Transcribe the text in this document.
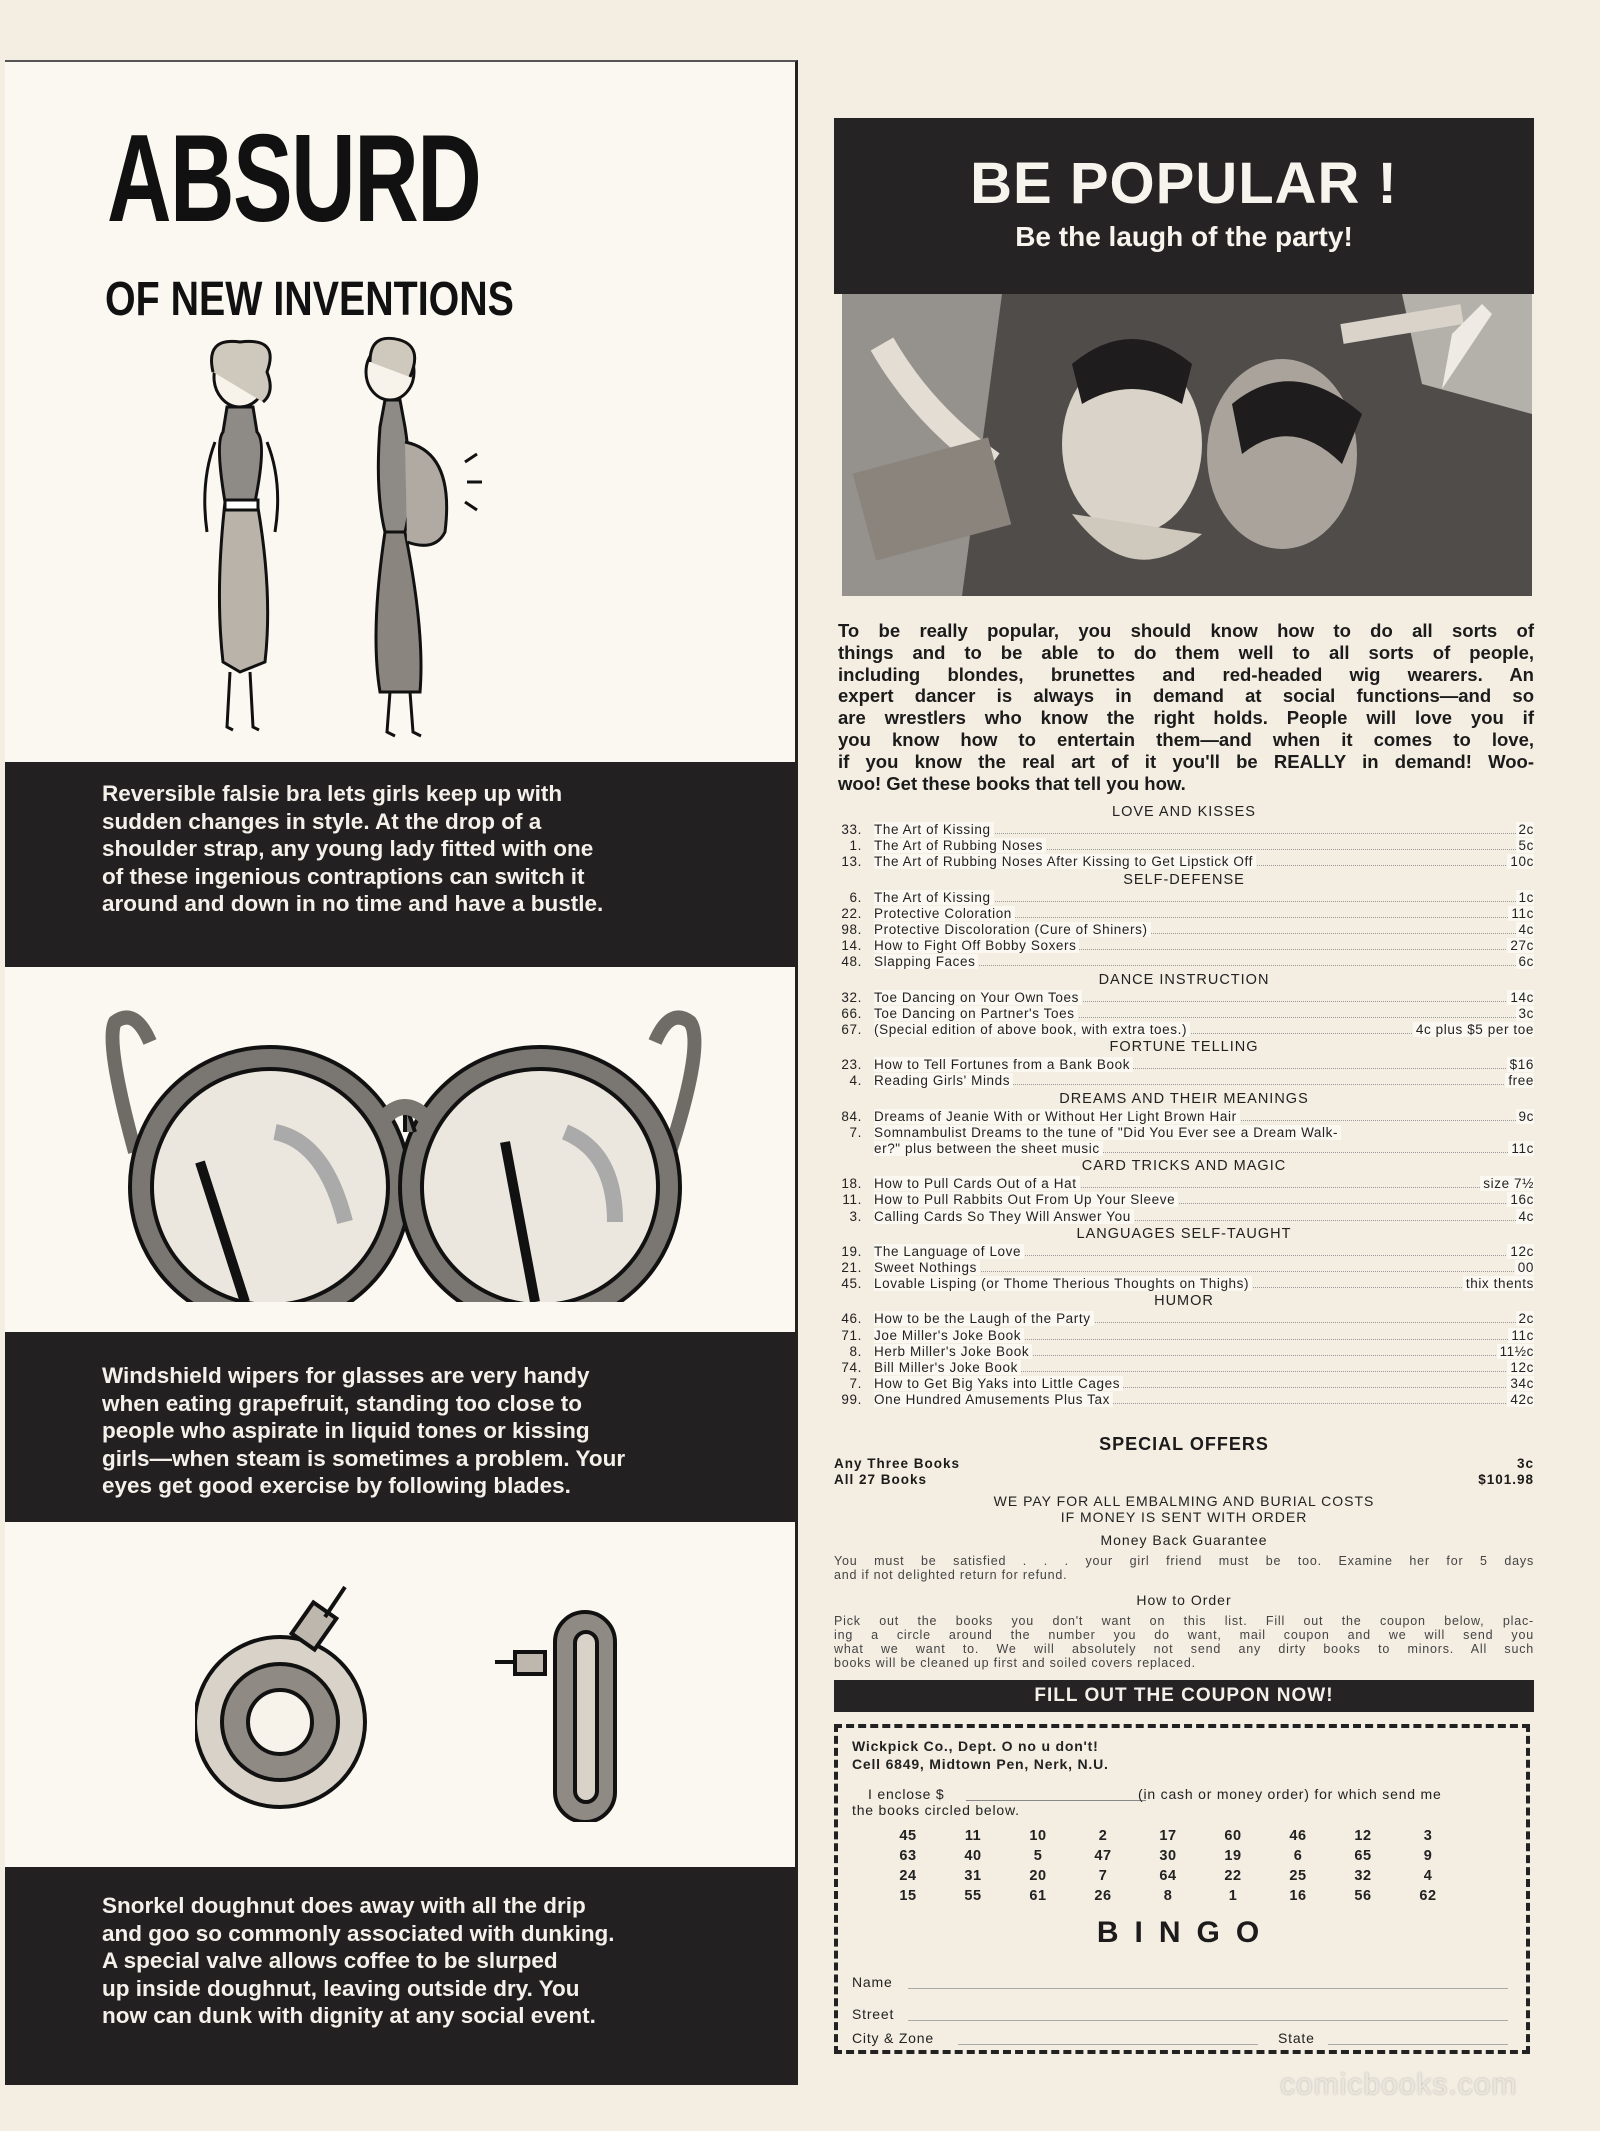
ABSURD
OF NEW INVENTIONS
Reversible falsie bra lets girls keep up with
sudden changes in style. At the drop of a
shoulder strap, any young lady fitted with one
of these ingenious contraptions can switch it
around and down in no time and have a bustle.
Windshield wipers for glasses are very handy
when eating grapefruit, standing too close to
people who aspirate in liquid tones or kissing
girls—when steam is sometimes a problem. Your
eyes get good exercise by following blades.
Snorkel doughnut does away with all the drip
and goo so commonly associated with dunking.
A special valve allows coffee to be slurped
up inside doughnut, leaving outside dry. You
now can dunk with dignity at any social event.
BE POPULAR !
Be the laugh of the party!
To be really popular, you should know how to do all sorts of
things and to be able to do them well to all sorts of people,
including blondes, brunettes and red-headed wig wearers. An
expert dancer is always in demand at social functions—and so
are wrestlers who know the right holds. People will love you if
you know how to entertain them—and when it comes to love,
if you know the real art of it you'll be REALLY in demand! Woo-
woo! Get these books that tell you how.
LOVE AND KISSES
33. The Art of Kissing	2c
1. The Art of Rubbing Noses	5c
13. The Art of Rubbing Noses After Kissing to Get Lipstick Off	10c
SELF-DEFENSE
6. The Art of Kissing	1c
22. Protective Coloration	11c
98. Protective Discoloration (Cure of Shiners)	4c
14. How to Fight Off Bobby Soxers	27c
48. Slapping Faces	6c
DANCE INSTRUCTION
32. Toe Dancing on Your Own Toes	14c
66. Toe Dancing on Partner's Toes	3c
67. (Special edition of above book, with extra toes.)	4c plus $5 per toe
FORTUNE TELLING
23. How to Tell Fortunes from a Bank Book	$16
4. Reading Girls' Minds	free
DREAMS AND THEIR MEANINGS
84. Dreams of Jeanie With or Without Her Light Brown Hair	9c
7. Somnambulist Dreams to the tune of "Did You Ever see a Dream Walk-
er?" plus between the sheet music	11c
CARD TRICKS AND MAGIC
18. How to Pull Cards Out of a Hat	size 7½
11. How to Pull Rabbits Out From Up Your Sleeve	16c
3. Calling Cards So They Will Answer You	4c
LANGUAGES SELF-TAUGHT
19. The Language of Love	12c
21. Sweet Nothings	00
45. Lovable Lisping (or Thome Therious Thoughts on Thighs)	thix thents
HUMOR
46. How to be the Laugh of the Party	2c
71. Joe Miller's Joke Book	11c
8. Herb Miller's Joke Book	11½c
74. Bill Miller's Joke Book	12c
7. How to Get Big Yaks into Little Cages	34c
99. One Hundred Amusements Plus Tax	42c
SPECIAL OFFERS
Any Three Books	3c
All 27 Books	$101.98
WE PAY FOR ALL EMBALMING AND BURIAL COSTS
IF MONEY IS SENT WITH ORDER
Money Back Guarantee
You must be satisfied . . . your girl friend must be too. Examine her for 5 days
and if not delighted return for refund.
How to Order
Pick out the books you don't want on this list. Fill out the coupon below, plac-
ing a circle around the number you do want, mail coupon and we will send you
what we want to. We will absolutely not send any dirty books to minors. All such
books will be cleaned up first and soiled covers replaced.
FILL OUT THE COUPON NOW!
Wickpick Co., Dept. O no u don't!
Cell 6849, Midtown Pen, Nerk, N.U.
I enclose $	(in cash or money order) for which send me
the books circled below.
45	11	10	2	17	60	46	12	3
63	40	5	47	30	19	6	65	9
24	31	20	7	64	22	25	32	4
15	55	61	26	8	1	16	56	62
BINGO
Name
Street
City & Zone	State
comicbooks.com
